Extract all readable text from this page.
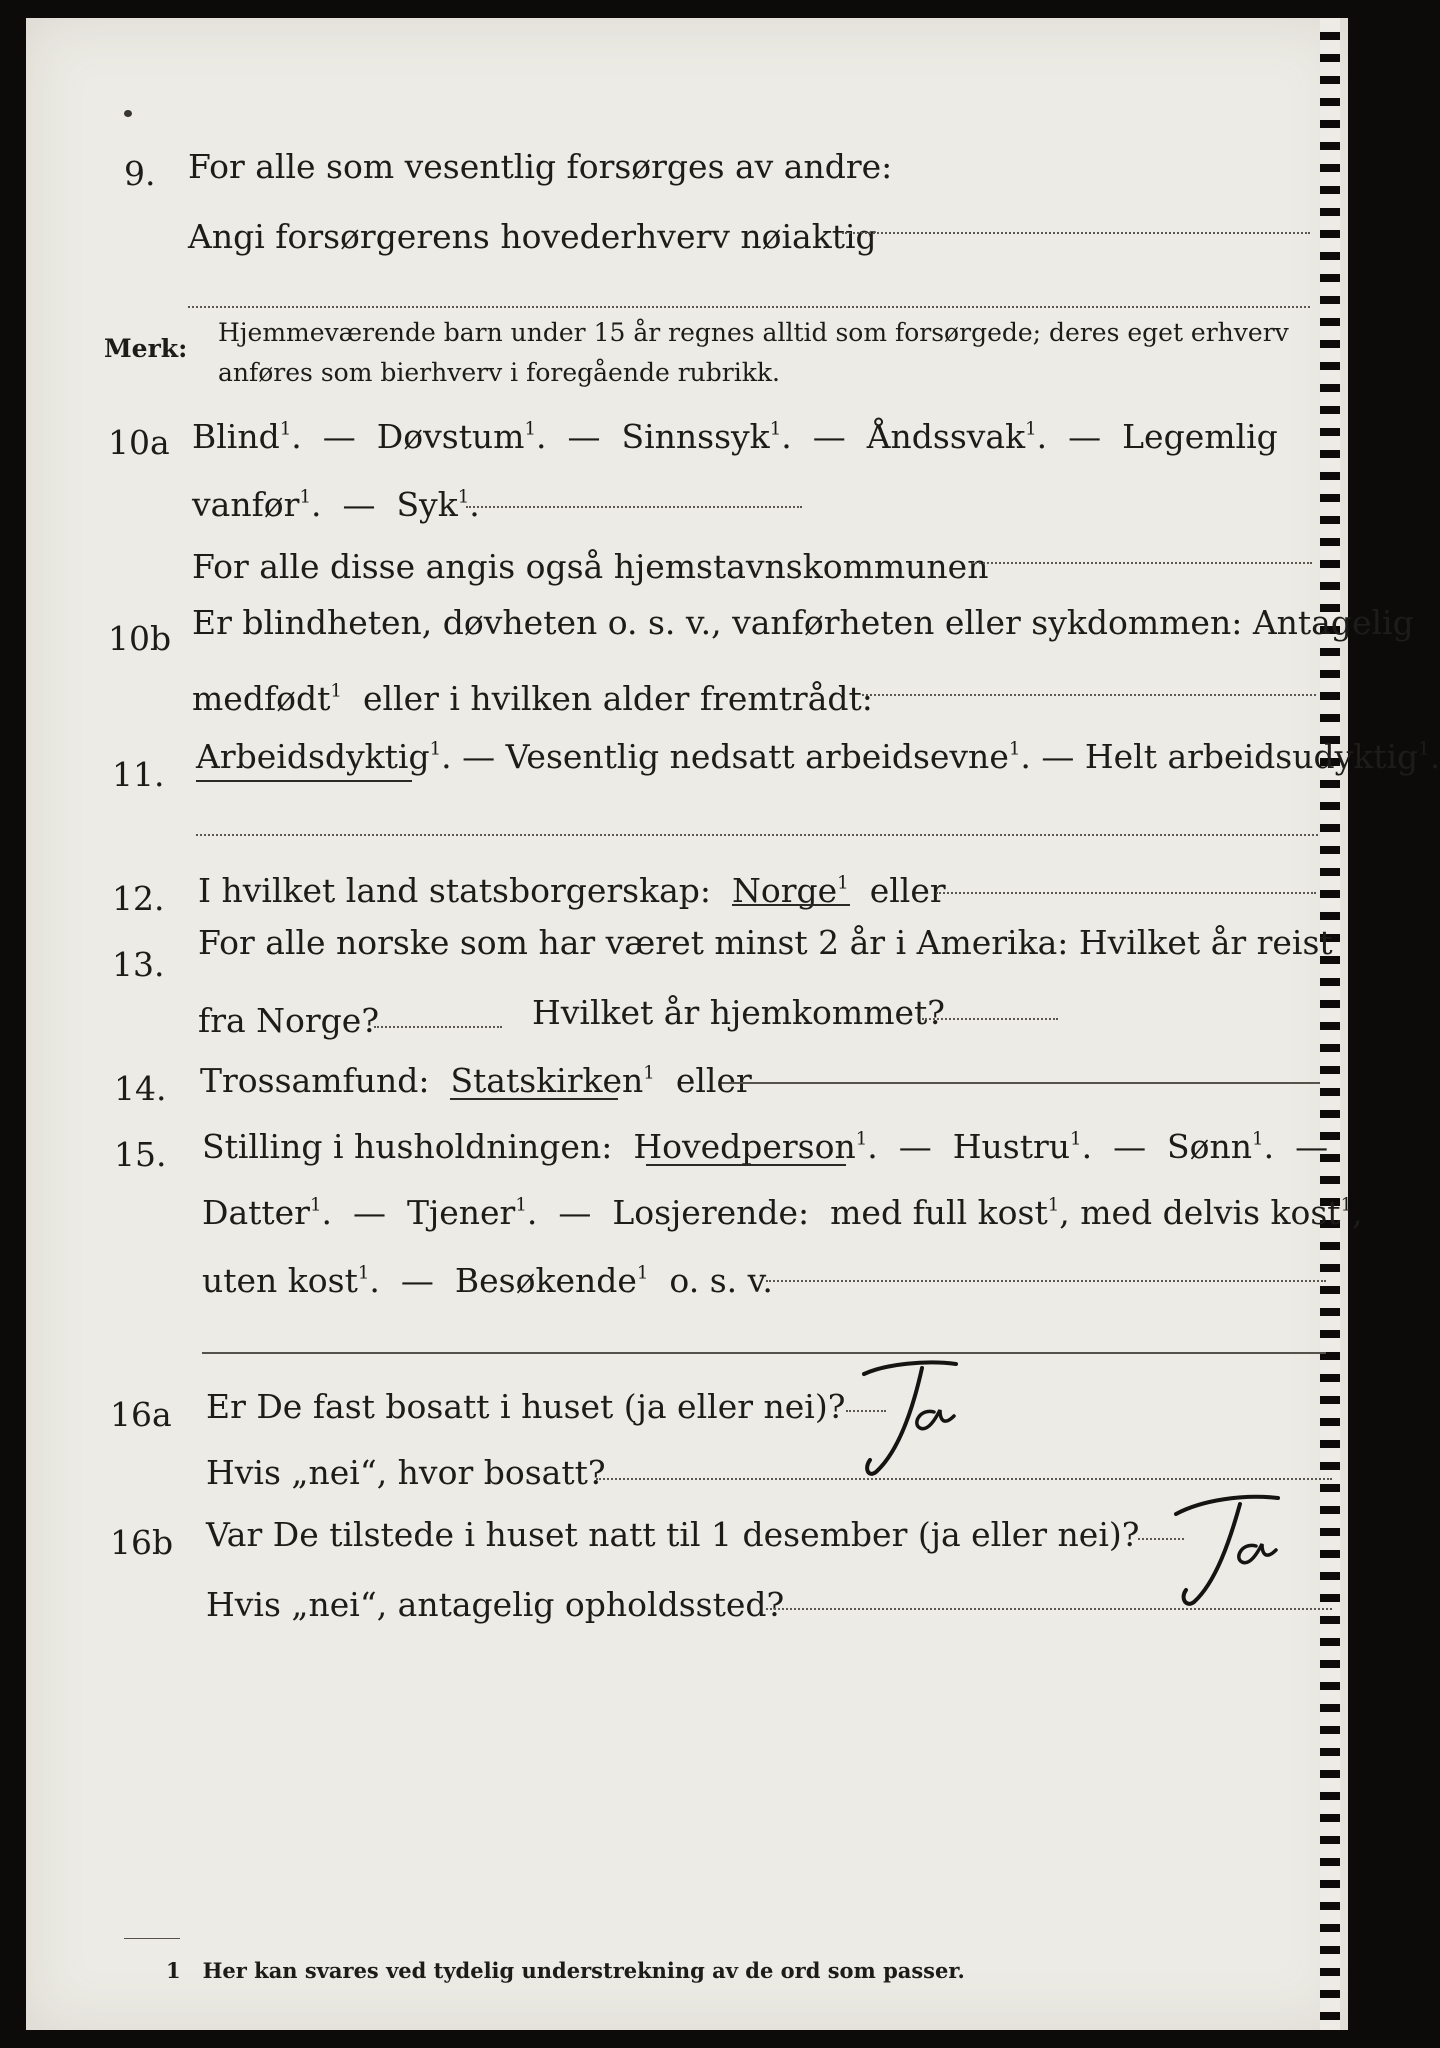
9. For alle som vesentlig forsørges av andre:
Angi forsørgerens hovederhverv nøiaktig
Merk:
Hjemmeværende barn under 15 år regnes alltid som forsørgede; deres eget erhverv
anføres som bierhverv i foregående rubrikk.
10a Blind$^1$.  — Døvstum$^1$.  — Sinnssyk$^1$.  — Åndssvak$^1$.  — Legemlig
vanfør$^1$.  — Syk$^1$.
For alle disse angis også hjemstavnskommunen
10b Er blindheten, døvheten o. s. v., vanførheten eller sykdommen: Antagelig
medfødt$^1$ eller i hvilken alder fremtrådt:
11. Arbeidsdyktig$^1$. — Vesentlig nedsatt arbeidsevne$^1$. — Helt arbeidsudyktig$^1$.
12. I hvilket land statsborgerskap: Norge$^1$ eller
13.
For alle norske som har været minst 2 år i Amerika: Hvilket år reist
fra Norge?	Hvilket år hjemkommet?
14. Trossamfund: Statskirken$^1$ eller
15. Stilling i husholdningen: Hovedperson$^1$.  — Hustru$^1$.  — Sønn$^1$.  —
Datter$^1$.  — Tjener$^1$.  — Losjerende: med full kost$^1$, med delvis kost$^1$,
uten kost$^1$.  — Besøkende$^1$ o. s. v.
16a Er De fast bosatt i huset (ja eller nei)?
Hvis „nei“, hvor bosatt?
16b Var De tilstede i huset natt til 1 desember (ja eller nei)?
Hvis „nei“, antagelig opholdssted?
1 Her kan svares ved tydelig understrekning av de ord som passer.
